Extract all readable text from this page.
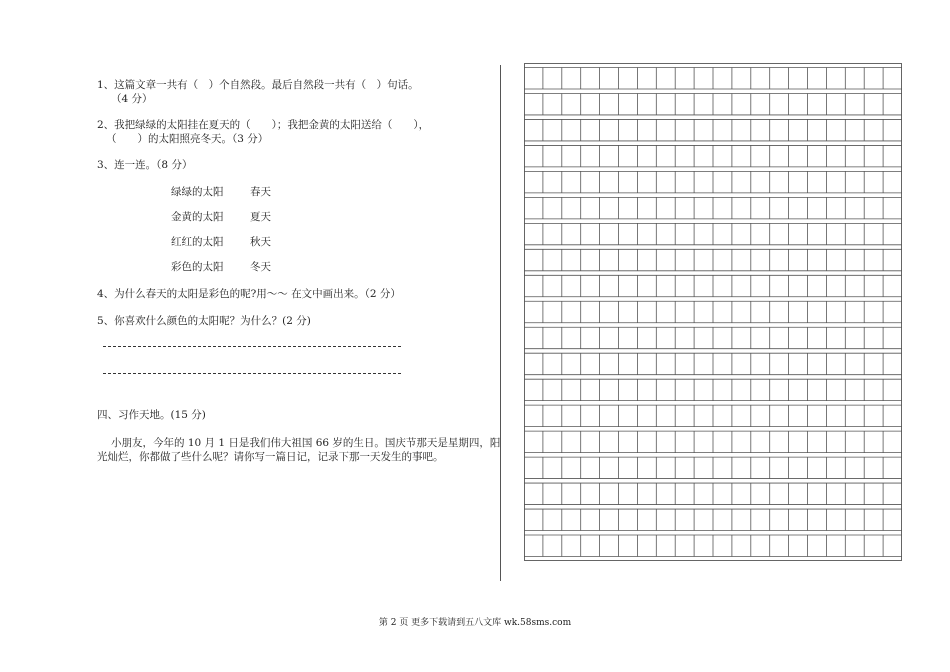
1、这篇文章一共有（　）个自然段。最后自然段一共有（　）句话。
（4 分）
2、我把绿绿的太阳挂在夏天的（　　）；我把金黄的太阳送给（　　），
（　　）的太阳照亮冬天。（3 分）
3、连一连。（8 分）
绿绿的太阳
金黄的太阳
红红的太阳
彩色的太阳
春天
夏天
秋天
冬天
4、为什么春天的太阳是彩色的呢?用～～ 在文中画出来。（2 分）
5、你喜欢什么颜色的太阳呢？为什么？(2 分)
四、习作天地。(15 分)
小朋友，今年的 10 月 1 日是我们伟大祖国 66 岁的生日。国庆节那天是星期四，阳
光灿烂，你都做了些什么呢？请你写一篇日记，记录下那一天发生的事吧。
第 2 页 更多下载请到五八文库 wk.58sms.com
